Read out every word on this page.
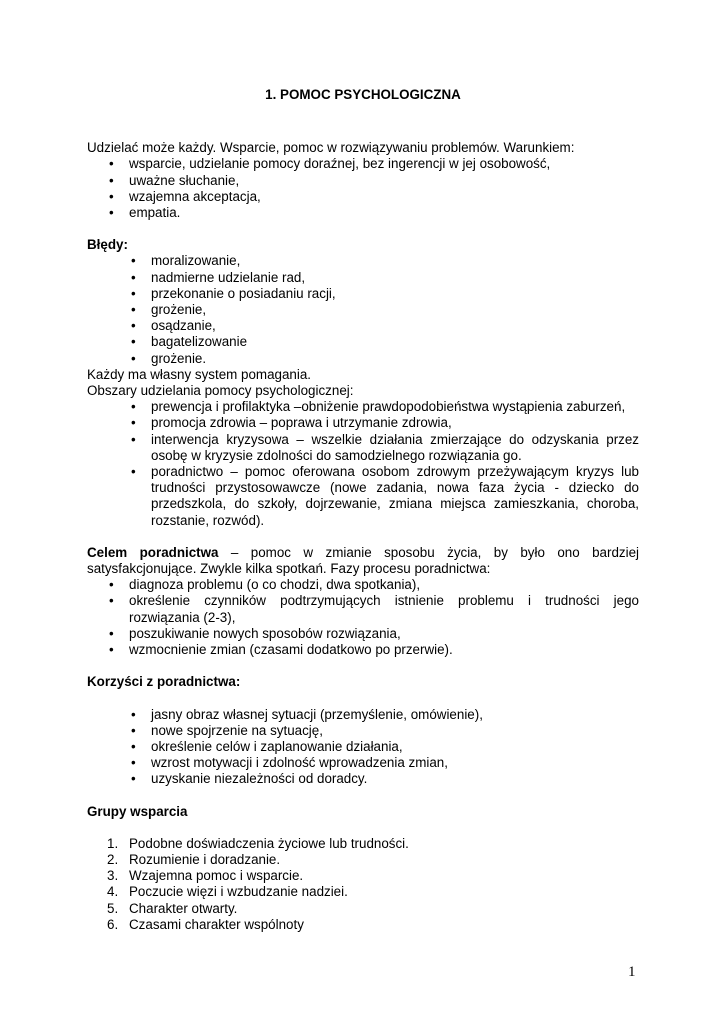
1. POMOC PSYCHOLOGICZNA

Udzielać może każdy. Wsparcie, pomoc w rozwiązywaniu problemów. Warunkiem:

• wsparcie, udzielanie pomocy doraźnej, bez ingerencji w jej osobowość,
• uważne słuchanie,
• wzajemna akceptacja,
• empatia.

Błędy:

• moralizowanie,
• nadmierne udzielanie rad,
• przekonanie o posiadaniu racji,
• grożenie,
• osądzanie,
• bagatelizowanie
• grożenie.

Każdy ma własny system pomagania.

Obszary udzielania pomocy psychologicznej:

• prewencja i profilaktyka –obniżenie prawdopodobieństwa wystąpienia zaburzeń,
• promocja zdrowia – poprawa i utrzymanie zdrowia,
• interwencja kryzysowa – wszelkie działania zmierzające do odzyskania przez osobę w kryzysie zdolności do samodzielnego rozwiązania go.
• poradnictwo – pomoc oferowana osobom zdrowym przeżywającym kryzys lub trudności przystosowawcze (nowe zadania, nowa faza życia - dziecko do przedszkola, do szkoły, dojrzewanie, zmiana miejsca zamieszkania, choroba, rozstanie, rozwód).

Celem poradnictwa – pomoc w zmianie sposobu życia, by było ono bardziej satysfakcjonujące. Zwykle kilka spotkań. Fazy procesu poradnictwa:

• diagnoza problemu (o co chodzi, dwa spotkania),
• określenie czynników podtrzymujących istnienie problemu i trudności jego rozwiązania (2-3),
• poszukiwanie nowych sposobów rozwiązania,
• wzmocnienie zmian (czasami dodatkowo po przerwie).

Korzyści z poradnictwa:

• jasny obraz własnej sytuacji (przemyślenie, omówienie),
• nowe spojrzenie na sytuację,
• określenie celów i zaplanowanie działania,
• wzrost motywacji i zdolność wprowadzenia zmian,
• uzyskanie niezależności od doradcy.

Grupy wsparcia

1. Podobne doświadczenia życiowe lub trudności.
2. Rozumienie i doradzanie.
3. Wzajemna pomoc i wsparcie.
4. Poczucie więzi i wzbudzanie nadziei.
5. Charakter otwarty.
6. Czasami charakter wspólnoty
1
